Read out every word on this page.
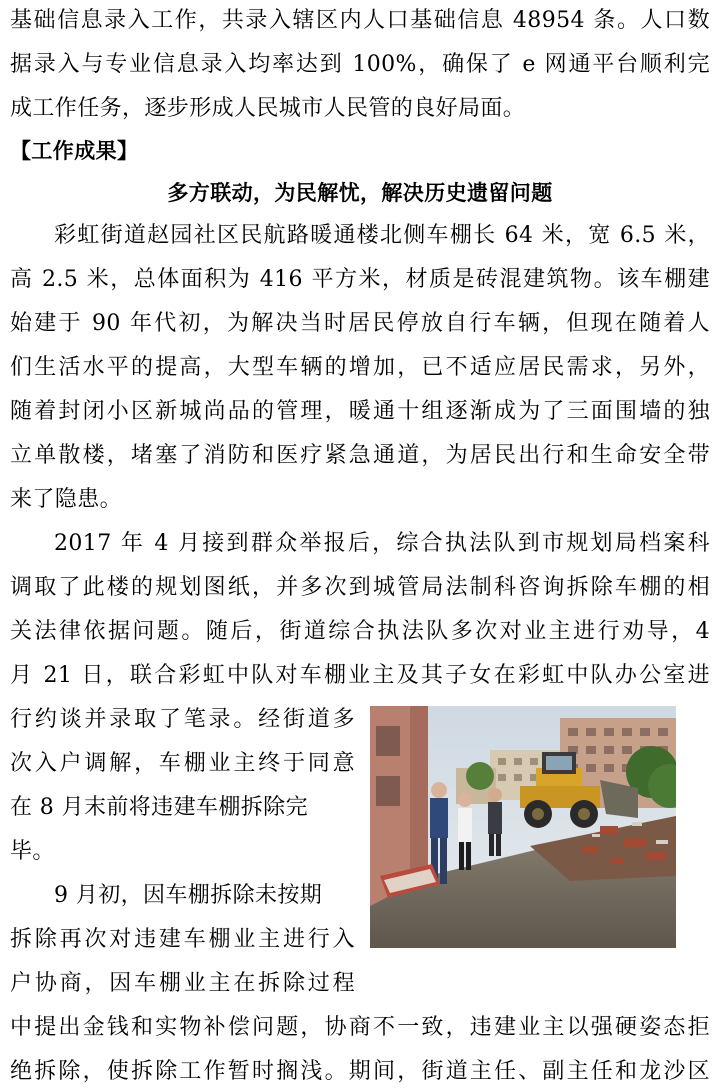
基础信息录入工作，共录入辖区内人口基础信息 48954 条。人口数
据录入与专业信息录入均率达到 100%，确保了 e 网通平台顺利完
成工作任务，逐步形成人民城市人民管的良好局面。
【工作成果】
多方联动，为民解忧，解决历史遗留问题
彩虹街道赵园社区民航路暖通楼北侧车棚长 64 米，宽 6.5 米，
高 2.5 米，总体面积为 416 平方米，材质是砖混建筑物。该车棚建
始建于 90 年代初，为解决当时居民停放自行车辆，但现在随着人
们生活水平的提高，大型车辆的增加，已不适应居民需求，另外，
随着封闭小区新城尚品的管理，暖通十组逐渐成为了三面围墙的独
立单散楼，堵塞了消防和医疗紧急通道，为居民出行和生命安全带
来了隐患。
2017 年 4 月接到群众举报后，综合执法队到市规划局档案科
调取了此楼的规划图纸，并多次到城管局法制科咨询拆除车棚的相
关法律依据问题。随后，街道综合执法队多次对业主进行劝导，4
月 21 日，联合彩虹中队对车棚业主及其子女在彩虹中队办公室进
行约谈并录取了笔录。经街道多
次入户调解，车棚业主终于同意
在 8 月末前将违建车棚拆除完
毕。
9 月初，因车棚拆除未按期
拆除再次对违建车棚业主进行入
户协商，因车棚业主在拆除过程
中提出金钱和实物补偿问题，协商不一致，违建业主以强硬姿态拒
绝拆除，使拆除工作暂时搁浅。期间，街道主任、副主任和龙沙区
